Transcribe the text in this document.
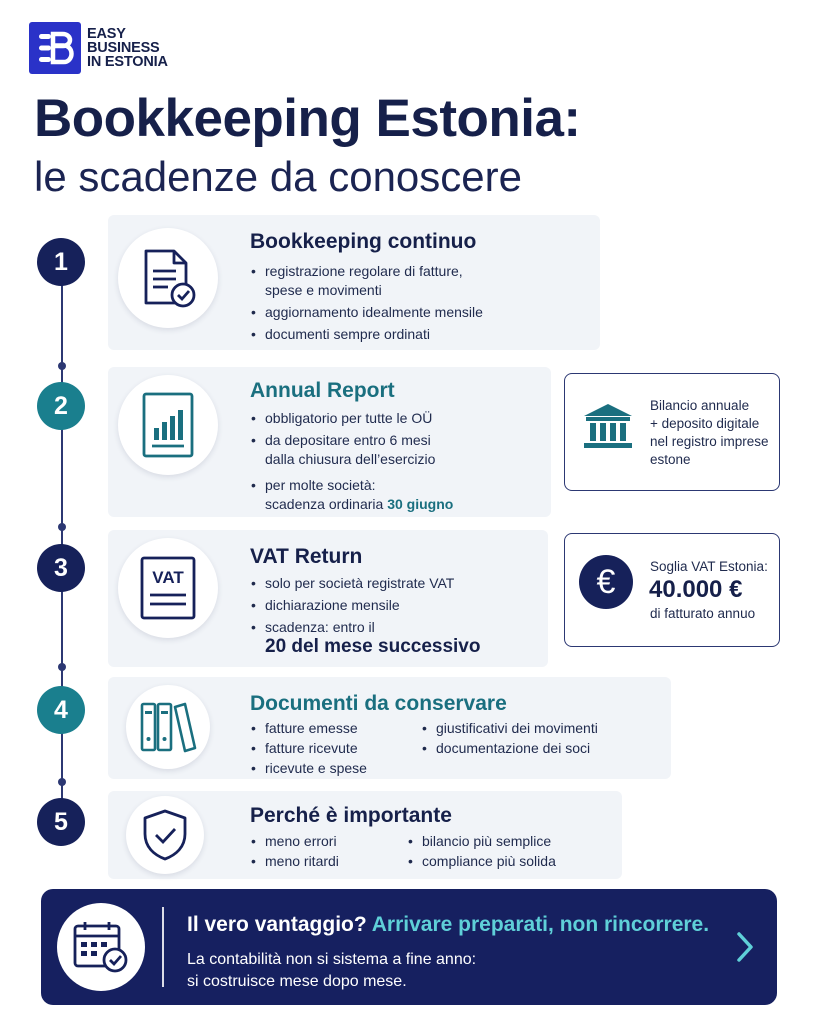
EASY
BUSINESS
IN ESTONIA
Bookkeeping Estonia:
le scadenze da conoscere
1
Bookkeeping continuo
• registrazione regolare di fatture,
spese e movimenti
• aggiornamento idealmente mensile
• documenti sempre ordinati
2
Annual Report
• obbligatorio per tutte le OÜ
• da depositare entro 6 mesi
dalla chiusura dell’esercizio
• per molte società:
scadenza ordinaria 30 giugno
Bilancio annuale
+ deposito digitale
nel registro imprese
estone
3	VAT
VAT Return
• solo per società registrate VAT
• dichiarazione mensile
• scadenza: entro il
20 del mese successivo
€	Soglia VAT Estonia:
40.000 €
di fatturato annuo
4	Documenti da conservare
• fatture emesse
• fatture ricevute
• ricevute e spese
• giustificativi dei movimenti
• documentazione dei soci
5	Perché è importante
• meno errori
• meno ritardi
• bilancio più semplice
• compliance più solida
Il vero vantaggio? Arrivare preparati, non rincorrere.
La contabilità non si sistema a fine anno:
si costruisce mese dopo mese.
